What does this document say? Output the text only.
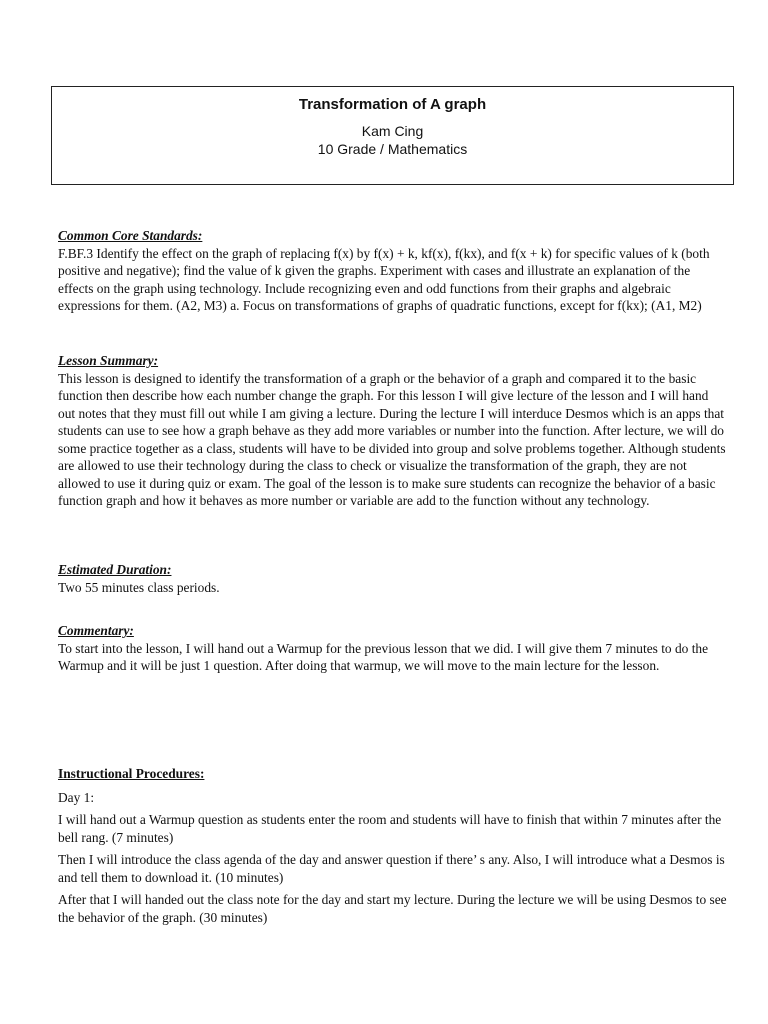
Transformation of A graph
Kam Cing
10 Grade / Mathematics
Common Core Standards:

F.BF.3 Identify the effect on the graph of replacing f(x) by f(x) + k, kf(x), f(kx), and f(x + k) for specific values of k (both positive and negative); find the value of k given the graphs. Experiment with cases and illustrate an explanation of the effects on the graph using technology. Include recognizing even and odd functions from their graphs and algebraic expressions for them. (A2, M3) a. Focus on transformations of graphs of quadratic functions, except for f(kx); (A1, M2)

Lesson Summary:

This lesson is designed to identify the transformation of a graph or the behavior of a graph and compared it to the basic function then describe how each number change the graph. For this lesson I will give lecture of the lesson and I will hand out notes that they must fill out while I am giving a lecture. During the lecture I will interduce Desmos which is an apps that students can use to see how a graph behave as they add more variables or number into the function. After lecture, we will do some practice together as a class, students will have to be divided into group and solve problems together. Although students are allowed to use their technology during the class to check or visualize the transformation of the graph, they are not allowed to use it during quiz or exam. The goal of the lesson is to make sure students can recognize the behavior of a basic function graph and how it behaves as more number or variable are add to the function without any technology.

Estimated Duration:

Two 55 minutes class periods.

Commentary:

To start into the lesson, I will hand out a Warmup for the previous lesson that we did. I will give them 7 minutes to do the Warmup and it will be just 1 question. After doing that warmup, we will move to the main lecture for the lesson.

Instructional Procedures:

Day 1:

I will hand out a Warmup question as students enter the room and students will have to finish that within 7 minutes after the bell rang. (7 minutes)

Then I will introduce the class agenda of the day and answer question if there’ s any. Also, I will introduce what a Desmos is and tell them to download it. (10 minutes)

After that I will handed out the class note for the day and start my lecture. During the lecture we will be using Desmos to see the behavior of the graph. (30 minutes)
